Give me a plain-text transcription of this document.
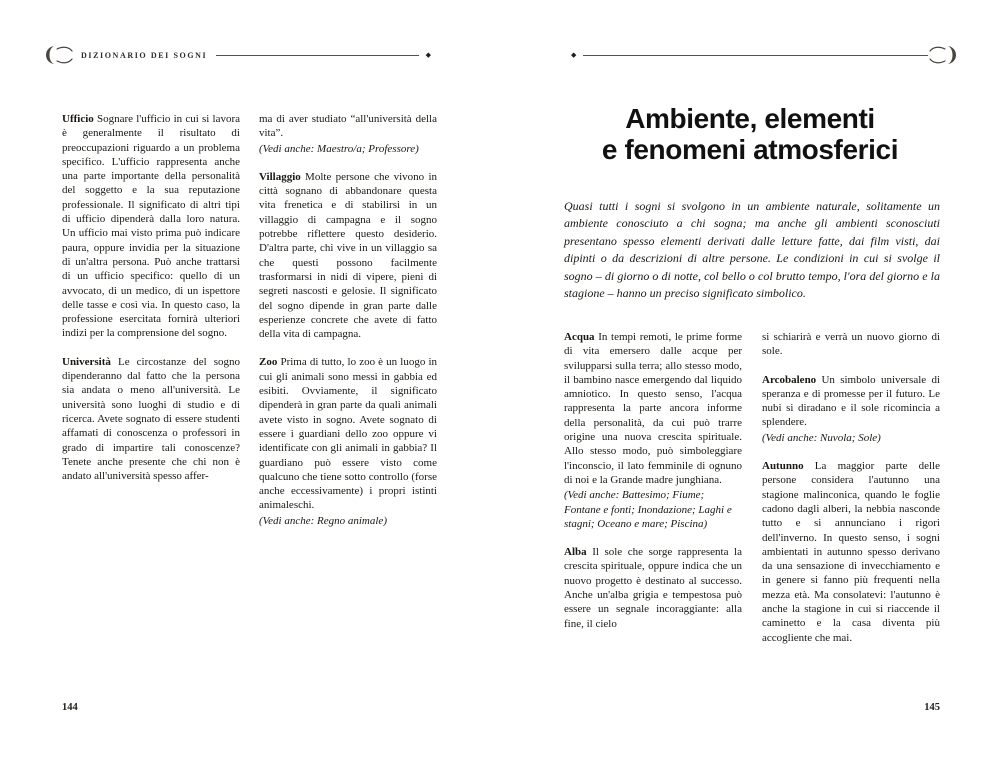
DIZIONARIO DEI SOGNI	◆

Ufficio Sognare l'ufficio in cui si lavora è generalmente il risultato di preoccupazioni riguardo a un problema specifico. L'ufficio rappresenta anche una parte importante della personalità del soggetto e la sua reputazione professionale. Il significato di altri tipi di ufficio dipenderà dalla loro natura. Un ufficio mai visto prima può indicare paura, oppure invidia per la situazione di un'altra persona. Può anche trattarsi di un ufficio specifico: quello di un avvocato, di un medico, di un ispettore delle tasse e così via. In questo caso, la professione esercitata fornirà ulteriori indizi per la comprensione del sogno.

Università Le circostanze del sogno dipenderanno dal fatto che la persona sia andata o meno all'università. Le università sono luoghi di studio e di ricerca. Avete sognato di essere studenti affamati di conoscenza o professori in grado di impartire tali conoscenze? Tenete anche presente che chi non è andato all'università spesso affer-

ma di aver studiato “all'università della vita”.

(Vedi anche: Maestro/a; Professore)

Villaggio Molte persone che vivono in città sognano di abbandonare questa vita frenetica e di stabilirsi in un villaggio di campagna e il sogno potrebbe riflettere questo desiderio. D'altra parte, chi vive in un villaggio sa che questi possono facilmente trasformarsi in nidi di vipere, pieni di segreti nascosti e gelosie. Il significato del sogno dipende in gran parte dalle esperienze concrete che avete di fatto della vita di campagna.

Zoo Prima di tutto, lo zoo è un luogo in cui gli animali sono messi in gabbia ed esibiti. Ovviamente, il significato dipenderà in gran parte da quali animali avete visto in sogno. Avete sognato di essere i guardiani dello zoo oppure vi identificate con gli animali in gabbia? Il guardiano può essere visto come qualcuno che tiene sotto controllo (forse anche eccessivamente) i propri istinti animaleschi.

(Vedi anche: Regno animale)

144
◆
Ambiente, elementi
e fenomeni atmosferici
Quasi tutti i sogni si svolgono in un ambiente naturale, solitamente un ambiente conosciuto a chi sogna; ma anche gli ambienti sconosciuti presentano spesso elementi derivati dalle letture fatte, dai film visti, dai dipinti o da descrizioni di altre persone. Le condizioni in cui si svolge il sogno – di giorno o di notte, col bello o col brutto tempo, l'ora del giorno e la stagione – hanno un preciso significato simbolico.

Acqua In tempi remoti, le prime forme di vita emersero dalle acque per svilupparsi sulla terra; allo stesso modo, il bambino nasce emergendo dal liquido amniotico. In questo senso, l'acqua rappresenta la parte ancora informe della personalità, da cui può trarre origine una nuova crescita spirituale. Allo stesso modo, può simboleggiare l'inconscio, il lato femminile di ognuno di noi e la Grande madre junghiana.

(Vedi anche: Battesimo; Fiume; Fontane e fonti; Inondazione; Laghi e stagni; Oceano e mare; Piscina)

Alba Il sole che sorge rappresenta la crescita spirituale, oppure indica che un nuovo progetto è destinato al successo. Anche un'alba grigia e tempestosa può essere un segnale incoraggiante: alla fine, il cielo

si schiarirà e verrà un nuovo giorno di sole.

Arcobaleno Un simbolo universale di speranza e di promesse per il futuro. Le nubi si diradano e il sole ricomincia a splendere.

(Vedi anche: Nuvola; Sole)

Autunno La maggior parte delle persone considera l'autunno una stagione malinconica, quando le foglie cadono dagli alberi, la nebbia nasconde tutto e si annunciano i rigori dell'inverno. In questo senso, i sogni ambientati in autunno spesso derivano da una sensazione di invecchiamento e in genere si fanno più frequenti nella mezza età. Ma consolatevi: l'autunno è anche la stagione in cui si riaccende il caminetto e la casa diventa più accogliente che mai.

145
